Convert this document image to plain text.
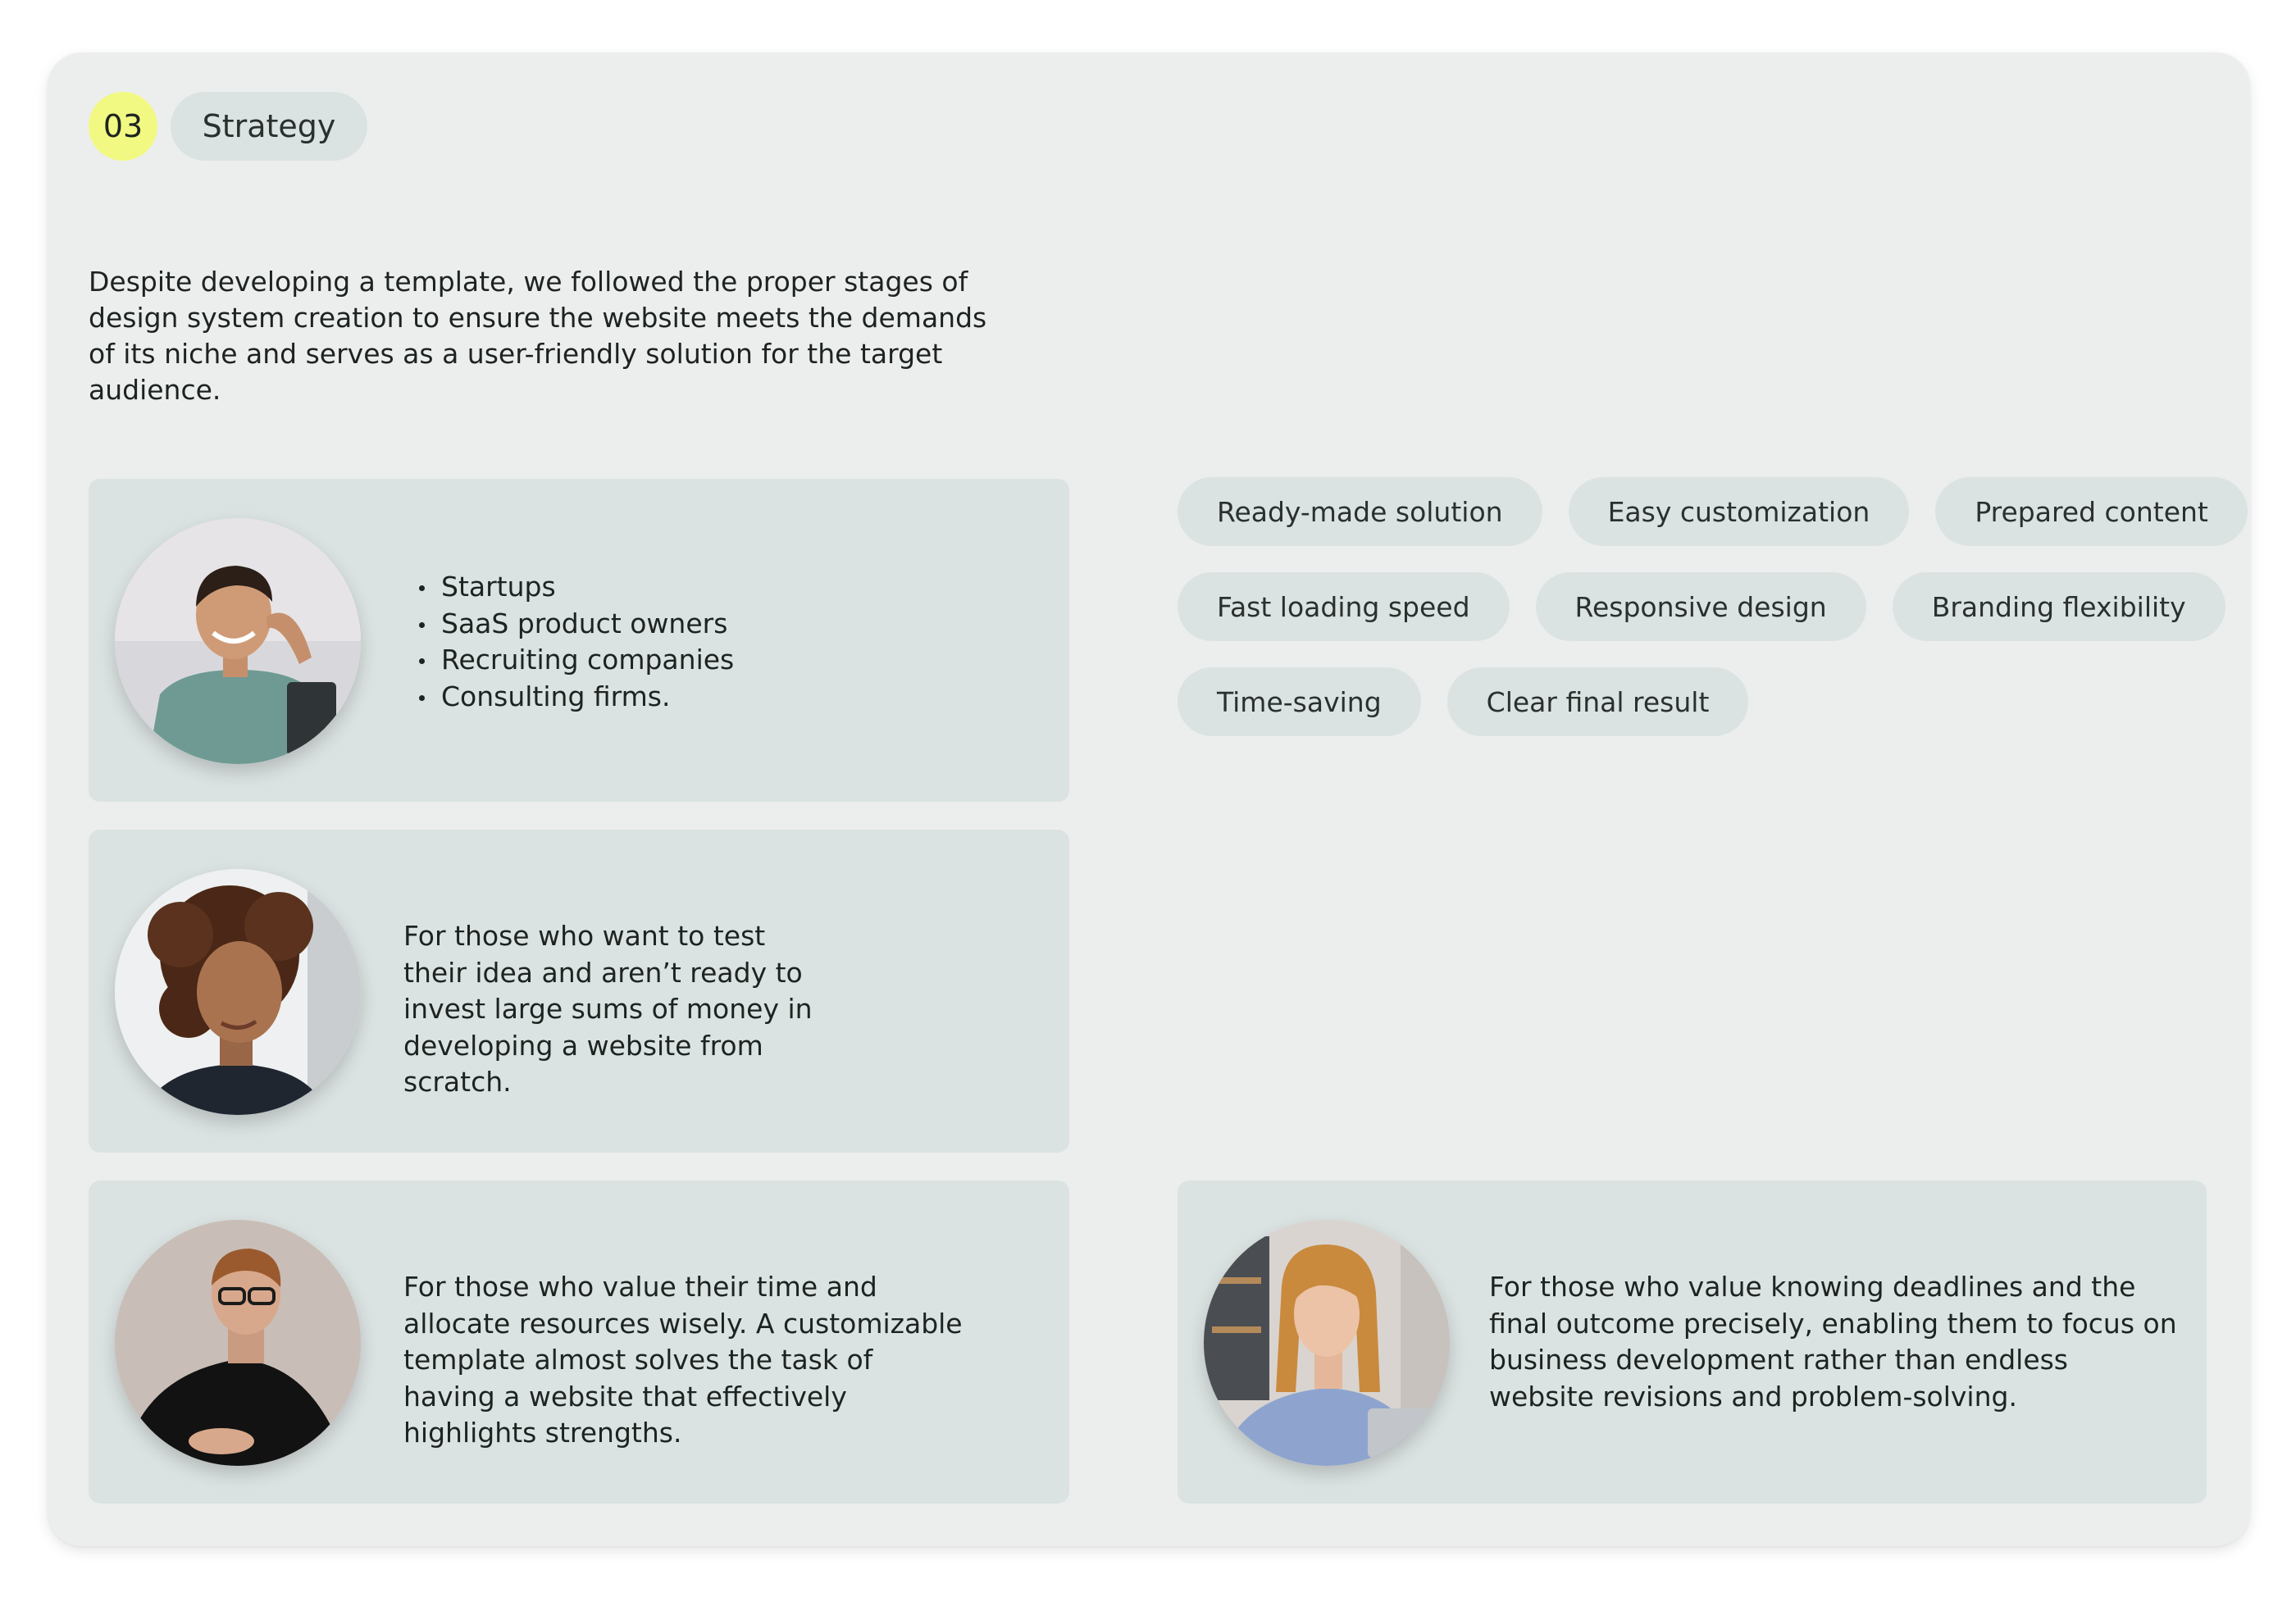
03	Strategy

Despite developing a template, we followed the proper stages of design system creation to ensure the website meets the demands of its niche and serves as a user-friendly solution for the target audience.

Startups
SaaS product owners
Recruiting companies
Consulting firms.

For those who want to test their idea and aren’t ready to invest large sums of money in developing a website from scratch.

For those who value their time and allocate resources wisely. A customizable template almost solves the task of having a website that effectively highlights strengths.

Ready-made solution	Easy customization	Prepared content
Fast loading speed	Responsive design	Branding flexibility
Time-saving	Clear final result

For those who value knowing deadlines and the final outcome precisely, enabling them to focus on business development rather than endless website revisions and problem-solving.
